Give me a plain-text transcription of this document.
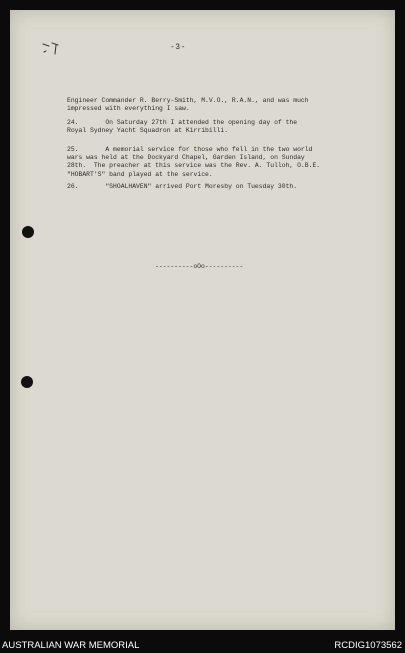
-3-
Engineer Commander R. Berry-Smith, M.V.O., R.A.N., and was much
impressed with everything I saw.
24.       On Saturday 27th I attended the opening day of the
Royal Sydney Yacht Squadron at Kirribilli.
25.       A memorial service for those who fell in the two world
wars was held at the Dockyard Chapel, Garden Island, on Sunday
28th.  The preacher at this service was the Rev. A. Tulloh, O.B.E.
"HOBART'S" band played at the service.
26.       "SHOALHAVEN" arrived Port Moresby on Tuesday 30th.
----------oOo----------
AUSTRALIAN WAR MEMORIAL	RCDIG1073562
